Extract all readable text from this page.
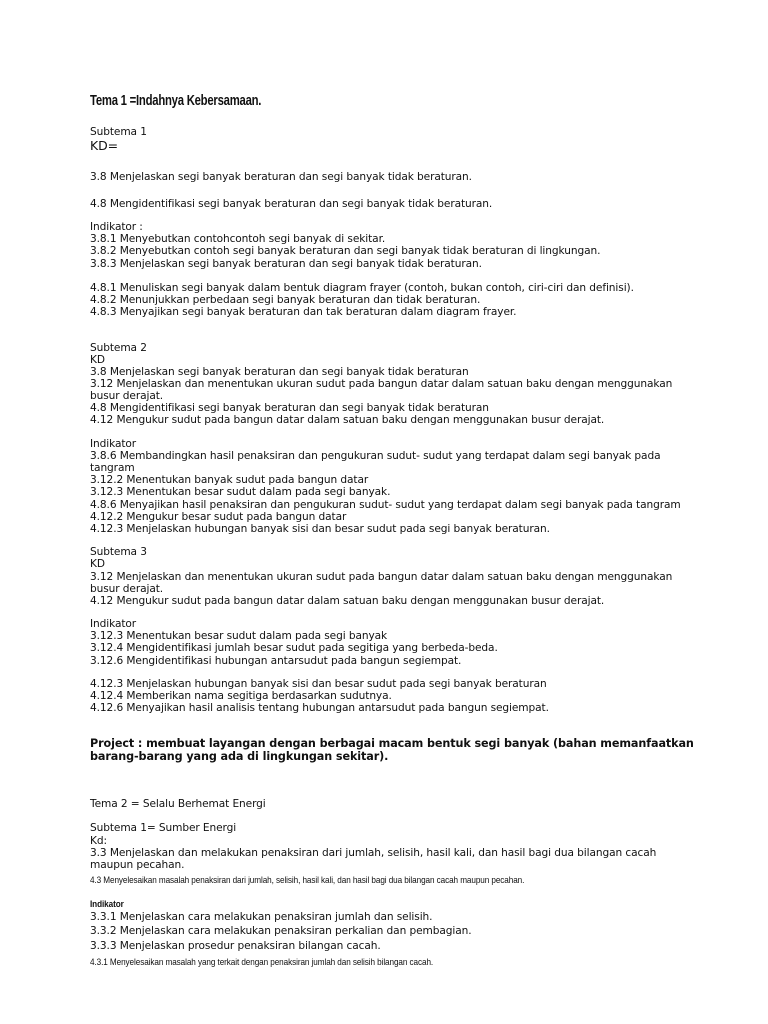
Tema 1 =Indahnya Kebersamaan.
Subtema 1
KD=
3.8 Menjelaskan segi banyak beraturan dan segi banyak tidak beraturan.
4.8 Mengidentifikasi segi banyak beraturan dan segi banyak tidak beraturan.
Indikator :
3.8.1 Menyebutkan contohcontoh segi banyak di sekitar.
3.8.2 Menyebutkan contoh segi banyak beraturan dan segi banyak tidak beraturan di lingkungan.
3.8.3 Menjelaskan segi banyak beraturan dan segi banyak tidak beraturan.
4.8.1 Menuliskan segi banyak dalam bentuk diagram frayer (contoh, bukan contoh, ciri-ciri dan definisi).
4.8.2 Menunjukkan perbedaan segi banyak beraturan dan tidak beraturan.
4.8.3 Menyajikan segi banyak beraturan dan tak beraturan dalam diagram frayer.
Subtema 2
KD
3.8 Menjelaskan segi banyak beraturan dan segi banyak tidak beraturan
3.12 Menjelaskan dan menentukan ukuran sudut pada bangun datar dalam satuan baku dengan menggunakan
busur derajat.
4.8 Mengidentifikasi segi banyak beraturan dan segi banyak tidak beraturan
4.12 Mengukur sudut pada bangun datar dalam satuan baku dengan menggunakan busur derajat.
Indikator
3.8.6 Membandingkan hasil penaksiran dan pengukuran sudut- sudut yang terdapat dalam segi banyak pada
tangram
3.12.2 Menentukan banyak sudut pada bangun datar
3.12.3 Menentukan besar sudut dalam pada segi banyak.
4.8.6 Menyajikan hasil penaksiran dan pengukuran sudut- sudut yang terdapat dalam segi banyak pada tangram
4.12.2 Mengukur besar sudut pada bangun datar
4.12.3 Menjelaskan hubungan banyak sisi dan besar sudut pada segi banyak beraturan.
Subtema 3
KD
3.12 Menjelaskan dan menentukan ukuran sudut pada bangun datar dalam satuan baku dengan menggunakan
busur derajat.
4.12 Mengukur sudut pada bangun datar dalam satuan baku dengan menggunakan busur derajat.
Indikator
3.12.3 Menentukan besar sudut dalam pada segi banyak
3.12.4 Mengidentifikasi jumlah besar sudut pada segitiga yang berbeda-beda.
3.12.6 Mengidentifikasi hubungan antarsudut pada bangun segiempat.
4.12.3 Menjelaskan hubungan banyak sisi dan besar sudut pada segi banyak beraturan
4.12.4 Memberikan nama segitiga berdasarkan sudutnya.
4.12.6 Menyajikan hasil analisis tentang hubungan antarsudut pada bangun segiempat.
Project : membuat layangan dengan berbagai macam bentuk segi banyak (bahan memanfaatkan
barang-barang yang ada di lingkungan sekitar).
Tema 2 = Selalu Berhemat Energi
Subtema 1= Sumber Energi
Kd:
3.3 Menjelaskan dan melakukan penaksiran dari jumlah, selisih, hasil kali, dan hasil bagi dua bilangan cacah
maupun pecahan.
4.3 Menyelesaikan masalah penaksiran dari jumlah, selisih, hasil kali, dan hasil bagi dua bilangan cacah maupun pecahan.
Indikator
3.3.1 Menjelaskan cara melakukan penaksiran jumlah dan selisih.
3.3.2 Menjelaskan cara melakukan penaksiran perkalian dan pembagian.
3.3.3 Menjelaskan prosedur penaksiran bilangan cacah.
4.3.1 Menyelesaikan masalah yang terkait dengan penaksiran jumlah dan selisih bilangan cacah.
